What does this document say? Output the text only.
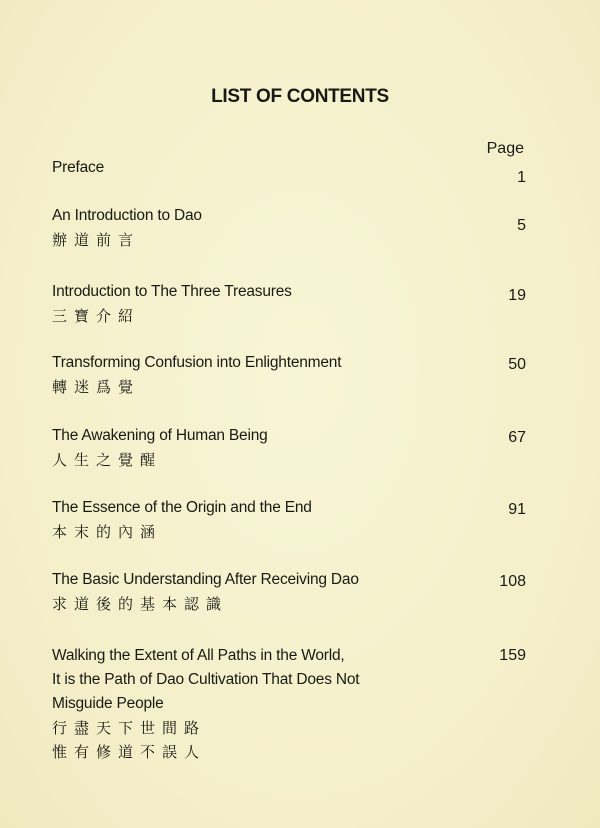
LIST OF CONTENTS
Page
Preface
1
An Introduction to Dao
辦道前言
5
Introduction to The Three Treasures
三寶介紹
19
Transforming Confusion into Enlightenment
轉迷爲覺
50
The Awakening of Human Being
人生之覺醒
67
The Essence of the Origin and the End
本末的內涵
91
The Basic Understanding After Receiving Dao
求道後的基本認識
108
Walking the Extent of All Paths in the World,
It is the Path of Dao Cultivation That Does Not
Misguide People
行盡天下世間路
惟有修道不誤人
159
